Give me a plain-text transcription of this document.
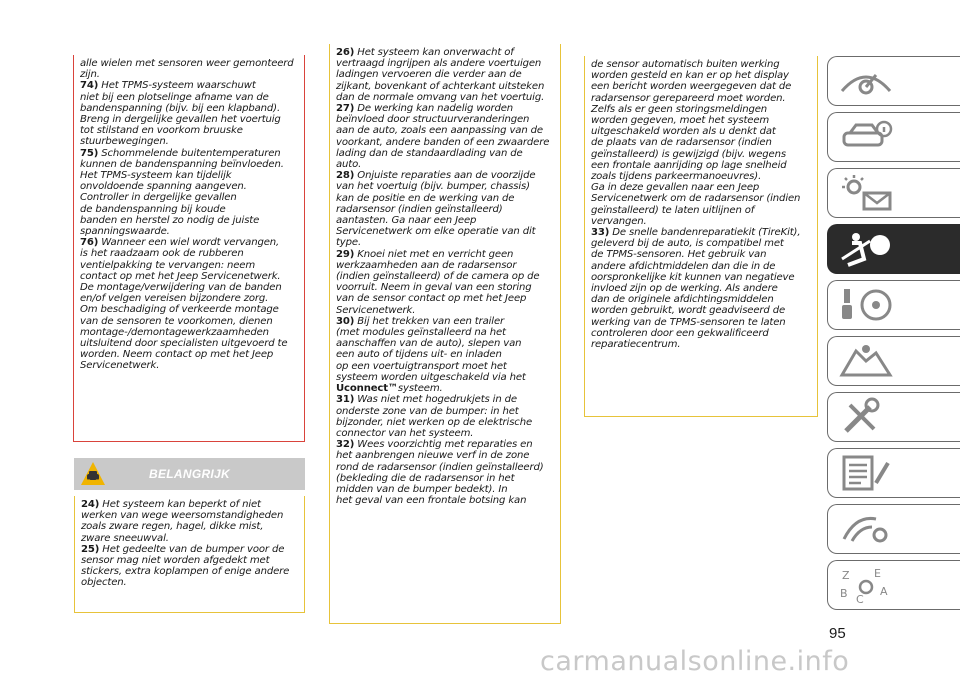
alle wielen met sensoren weer gemonteerd
zijn.
74) Het TPMS-systeem waarschuwt
niet bij een plotselinge afname van de
bandenspanning (bijv. bij een klapband).
Breng in dergelijke gevallen het voertuig
tot stilstand en voorkom bruuske
stuurbewegingen.
75) Schommelende buitentemperaturen
kunnen de bandenspanning beïnvloeden.
Het TPMS-systeem kan tijdelijk
onvoldoende spanning aangeven.
Controller in dergelijke gevallen
de bandenspanning bij koude
banden en herstel zo nodig de juiste
spanningswaarde.
76) Wanneer een wiel wordt vervangen,
is het raadzaam ook de rubberen
ventielpakking te vervangen: neem
contact op met het Jeep Servicenetwerk.
De montage/verwijdering van de banden
en/of velgen vereisen bijzondere zorg.
Om beschadiging of verkeerde montage
van de sensoren te voorkomen, dienen
montage-/demontagewerkzaamheden
uitsluitend door specialisten uitgevoerd te
worden. Neem contact op met het Jeep
Servicenetwerk.
BELANGRIJK
24) Het systeem kan beperkt of niet
werken van wege weersomstandigheden
zoals zware regen, hagel, dikke mist,
zware sneeuwval.
25) Het gedeelte van de bumper voor de
sensor mag niet worden afgedekt met
stickers, extra koplampen of enige andere
objecten.
26) Het systeem kan onverwacht of
vertraagd ingrijpen als andere voertuigen
ladingen vervoeren die verder aan de
zijkant, bovenkant of achterkant uitsteken
dan de normale omvang van het voertuig.
27) De werking kan nadelig worden
beïnvloed door structuurveranderingen
aan de auto, zoals een aanpassing van de
voorkant, andere banden of een zwaardere
lading dan de standaardlading van de
auto.
28) Onjuiste reparaties aan de voorzijde
van het voertuig (bijv. bumper, chassis)
kan de positie en de werking van de
radarsensor (indien geïnstalleerd)
aantasten. Ga naar een Jeep
Servicenetwerk om elke operatie van dit
type.
29) Knoei niet met en verricht geen
werkzaamheden aan de radarsensor
(indien geïnstalleerd) of de camera op de
voorruit. Neem in geval van een storing
van de sensor contact op met het Jeep
Servicenetwerk.
30) Bij het trekken van een trailer
(met modules geïnstalleerd na het
aanschaffen van de auto), slepen van
een auto of tijdens uit- en inladen
op een voertuigtransport moet het
systeem worden uitgeschakeld via het
Uconnect™systeem.
31) Was niet met hogedrukjets in de
onderste zone van de bumper: in het
bijzonder, niet werken op de elektrische
connector van het systeem.
32) Wees voorzichtig met reparaties en
het aanbrengen nieuwe verf in de zone
rond de radarsensor (indien geïnstalleerd)
(bekleding die de radarsensor in het
midden van de bumper bedekt). In
het geval van een frontale botsing kan
de sensor automatisch buiten werking
worden gesteld en kan er op het display
een bericht worden weergegeven dat de
radarsensor gerepareerd moet worden.
Zelfs als er geen storingsmeldingen
worden gegeven, moet het systeem
uitgeschakeld worden als u denkt dat
de plaats van de radarsensor (indien
geïnstalleerd) is gewijzigd (bijv. wegens
een frontale aanrijding op lage snelheid
zoals tijdens parkeermanoeuvres).
Ga in deze gevallen naar een Jeep
Servicenetwerk om de radarsensor (indien
geïnstalleerd) te laten uitlijnen of
vervangen.
33) De snelle bandenreparatiekit (TireKit),
geleverd bij de auto, is compatibel met
de TPMS-sensoren. Het gebruik van
andere afdichtmiddelen dan die in de
oorspronkelijke kit kunnen van negatieve
invloed zijn op de werking. Als andere
dan de originele afdichtingsmiddelen
worden gebruikt, wordt geadviseerd de
werking van de TPMS-sensoren te laten
controleren door een gekwalificeerd
reparatiecentrum.
Z E
B C
A
95
carmanualsonline.info
